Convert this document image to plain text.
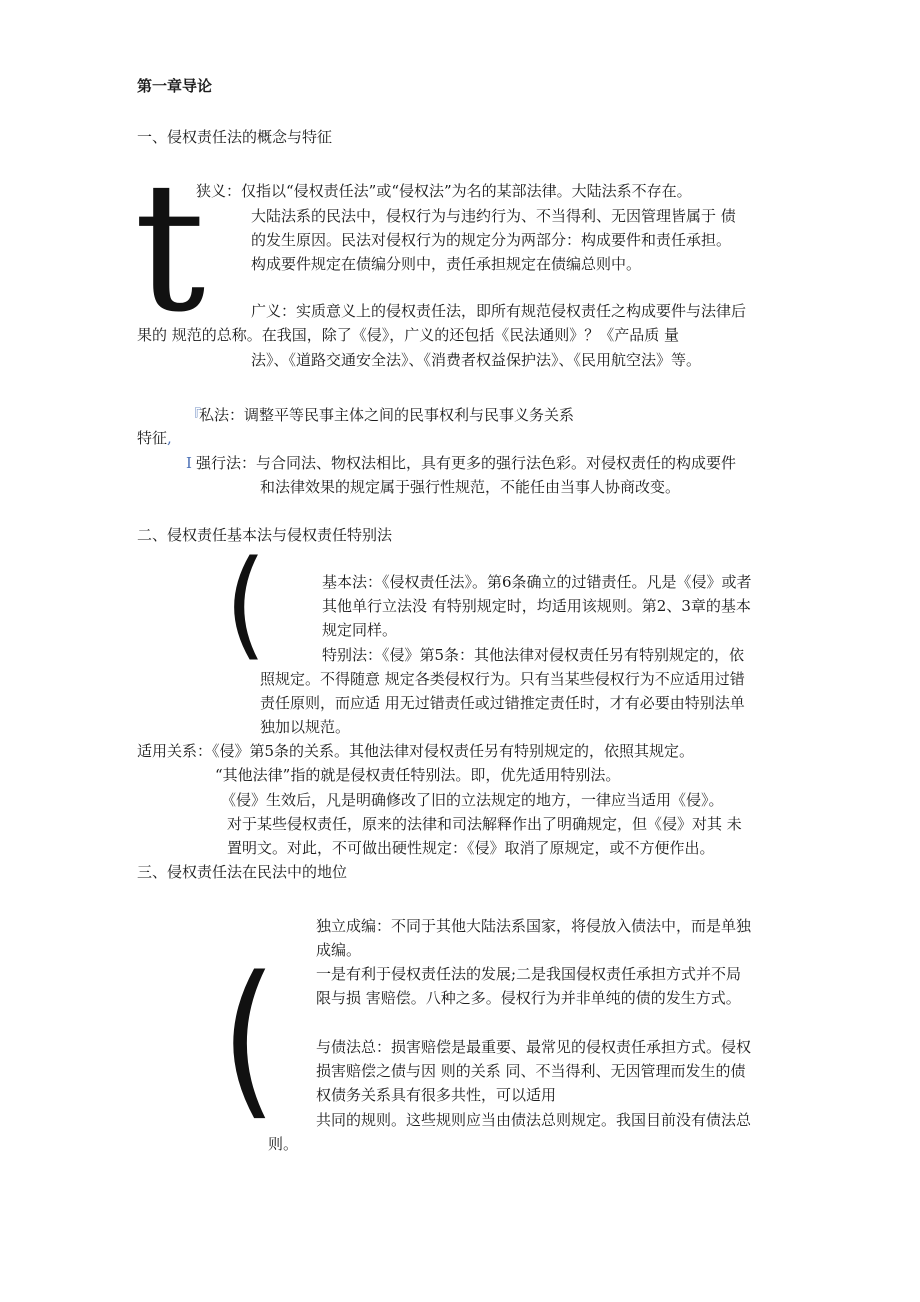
第一章导论
一、侵权责任法的概念与特征
t
狭义：仅指以“侵权责任法”或“侵权法”为名的某部法律。大陆法系不存在。
大陆法系的民法中，侵权行为与违约行为、不当得利、无因管理皆属于 债
的发生原因。民法对侵权行为的规定分为两部分：构成要件和责任承担。
构成要件规定在债编分则中，责任承担规定在债编总则中。
广义：实质意义上的侵权责任法，即所有规范侵权责任之构成要件与法律后
果的 规范的总称。在我国，除了《侵》，广义的还包括《民法通则》？《产品质 量
法》、《道路交通安全法》、《消费者权益保护法》、《民用航空法》等。
『
私法：调整平等民事主体之间的民事权利与民事义务关系
特征,
I 强行法：与合同法、物权法相比，具有更多的强行法色彩。对侵权责任的构成要件
和法律效果的规定属于强行性规范，不能任由当事人协商改变。
二、侵权责任基本法与侵权责任特别法
(	基本法：《侵权责任法》。第6条确立的过错责任。凡是《侵》或者
其他单行立法没 有特别规定时，均适用该规则。第2、3章的基本
规定同样。
特别法：《侵》第5条：其他法律对侵权责任另有特别规定的，依
照规定。不得随意 规定各类侵权行为。只有当某些侵权行为不应适用过错
责任原则，而应适 用无过错责任或过错推定责任时，才有必要由特别法单
独加以规范。
适用关系：《侵》第5条的关系。其他法律对侵权责任另有特别规定的，依照其规定。
“其他法律”指的就是侵权责任特别法。即，优先适用特别法。
《侵》生效后，凡是明确修改了旧的立法规定的地方，一律应当适用《侵》。
对于某些侵权责任，原来的法律和司法解释作出了明确规定，但《侵》对其 未
置明文。对此，不可做出硬性规定：《侵》取消了原规定，或不方便作出。
三、侵权责任法在民法中的地位
(
独立成编：不同于其他大陆法系国家，将侵放入债法中，而是单独
成编。
一是有利于侵权责任法的发展;二是我国侵权责任承担方式并不局
限与损 害赔偿。八种之多。侵权行为并非单纯的债的发生方式。
与债法总：损害赔偿是最重要、最常见的侵权责任承担方式。侵权
损害赔偿之债与因 则的关系 同、不当得利、无因管理而发生的债
权债务关系具有很多共性，可以适用
共同的规则。这些规则应当由债法总则规定。我国目前没有债法总
则。
